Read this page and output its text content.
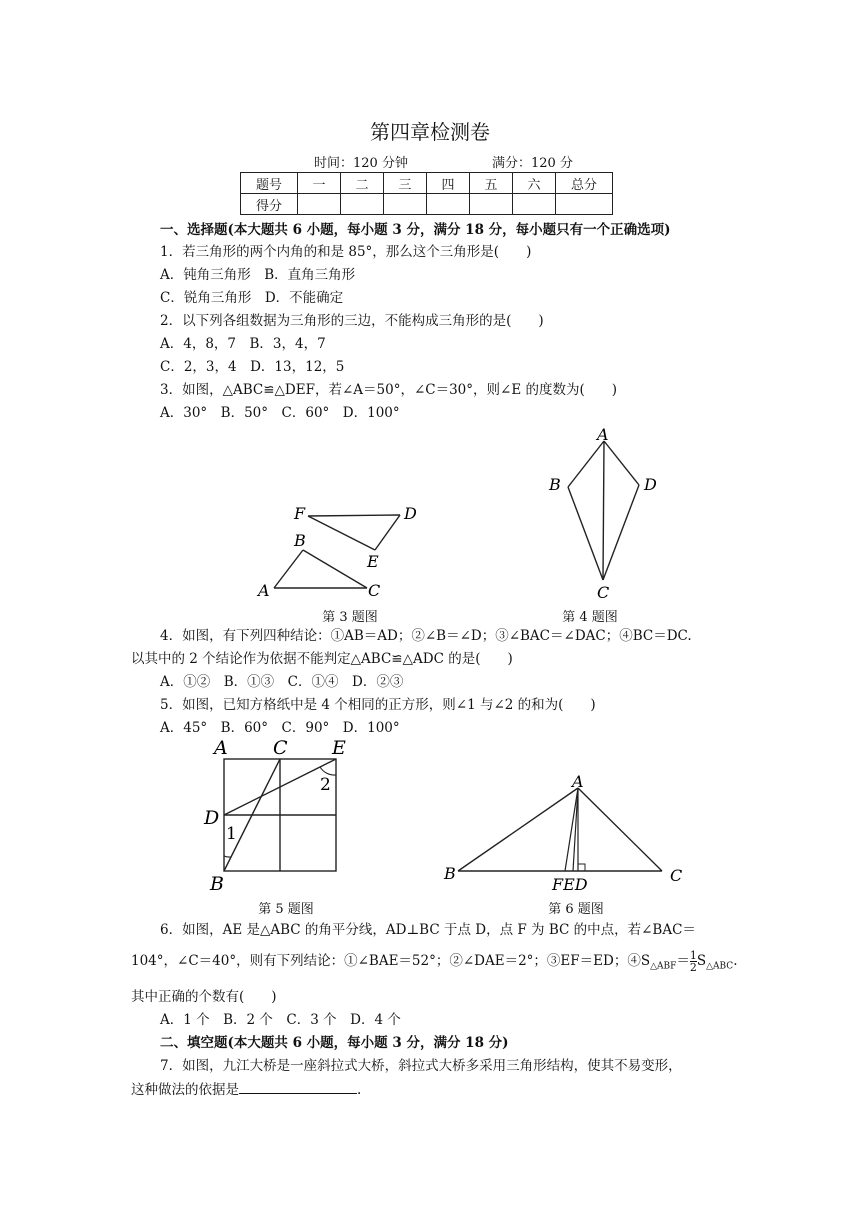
第四章检测卷
时间：120 分钟	满分：120 分
题号	一	二	三	四	五	六	总分
得分							
一、选择题(本大题共 6 小题，每小题 3 分，满分 18 分，每小题只有一个正确选项)
1．若三角形的两个内角的和是 85°，那么这个三角形是(　　)
A．钝角三角形　B．直角三角形
C．锐角三角形　D．不能确定
2．以下列各组数据为三角形的三边，不能构成三角形的是(　　)
A．4，8，7　B．3，4，7
C．2，3，4　D．13，12，5
3．如图，△ABC≌△DEF，若∠A＝50°，∠C＝30°，则∠E 的度数为(　　)
A．30°　B．50°　C．60°　D．100°
F	D
E
B
A	C
第 3 题图
A
B	D
C
第 4 题图
4．如图，有下列四种结论：①AB＝AD；②∠B＝∠D；③∠BAC＝∠DAC；④BC＝DC.
以其中的 2 个结论作为依据不能判定△ABC≌△ADC 的是(　　)
A．①②　B．①③　C．①④　D．②③
5．如图，已知方格纸中是 4 个相同的正方形，则∠1 与∠2 的和为(　　)
A．45°　B．60°　C．90°　D．100°
A C E
D
B
1
2
第 5 题图
A
B	C
FED
第 6 题图
6．如图，AE 是△ABC 的角平分线，AD⊥BC 于点 D，点 F 为 BC 的中点，若∠BAC＝
104°，∠C＝40°，则有下列结论：①∠BAE＝52°；②∠DAE＝2°；③EF＝ED；$④S_{\triangle ABF}= \frac{1}{2} S_{\triangle ABC}$.
其中正确的个数有(　　)
A．1 个　B．2 个　C．3 个　D．4 个
二、填空题(本大题共 6 小题，每小题 3 分，满分 18 分)
7．如图，九江大桥是一座斜拉式大桥，斜拉式大桥多采用三角形结构，使其不易变形，
这种做法的依据是	.
